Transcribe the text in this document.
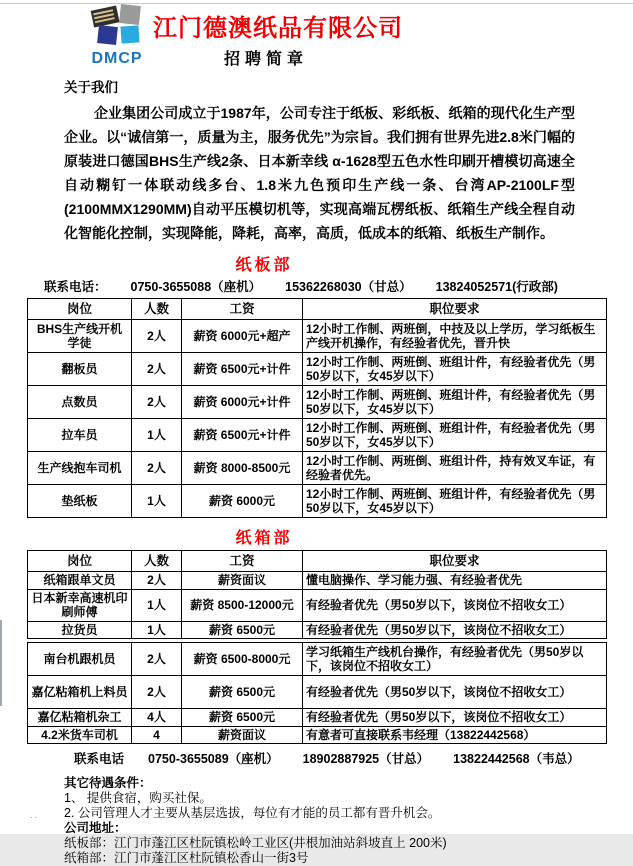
DMCP
江门德澳纸品有限公司
招聘简章
关于我们

企业集团公司成立于1987年，公司专注于纸板、彩纸板、纸箱的现代化生产型企业。以“诚信第一，质量为主，服务优先”为宗旨。我们拥有世界先进2.8米门幅的原装进口德国BHS生产线2条、日本新幸线 α-1628型五色水性印刷开槽模切高速全自动糊钉一体联动线多台、1.8米九色预印生产线一条、台湾AP-2100LF型(2100MMX1290MM)自动平压模切机等，实现高端瓦楞纸板、纸箱生产线全程自动化智能化控制，实现降能，降耗，高率，高质，低成本的纸箱、纸板生产制作。

纸板部
联系电话： 0750-3655088（座机） 15362268030（甘总） 13824052571(行政部)
岗位	人数	工资	职位要求
BHS生产线开机学徒	2人	薪资 6000元+超产	12小时工作制、两班倒，中技及以上学历，学习纸板生产线开机操作，有经验者优先，晋升快
翻板员	2人	薪资 6500元+计件	12小时工作制、两班倒、班组计件，有经验者优先（男50岁以下，女45岁以下）
点数员	2人	薪资 6000元+计件	12小时工作制、两班倒、班组计件，有经验者优先（男50岁以下，女45岁以下）
拉车员	1人	薪资 6500元+计件	12小时工作制、两班倒、班组计件，有经验者优先（男50岁以下，女45岁以下）
生产线抱车司机	2人	薪资 8000-8500元	12小时工作制、两班倒、班组计件，持有效叉车证，有经验者优先。
垫纸板	1人	薪资 6000元	12小时工作制、两班倒、班组计件，有经验者优先（男50岁以下，女45岁以下）
纸箱部
岗位	人数	工资	职位要求
纸箱跟单文员	2人	薪资面议	懂电脑操作、学习能力强、有经验者优先
日本新幸高速机印刷师傅	1人	薪资 8500-12000元	有经验者优先（男50岁以下，该岗位不招收女工）
拉货员	1人	薪资 6500元	有经验者优先（男50岁以下，该岗位不招收女工）
南台机跟机员	2人	薪资 6500-8000元	学习纸箱生产线机台操作，有经验者优先（男50岁以下，该岗位不招收女工）
嘉亿粘箱机上料员	2人	薪资 6500元	有经验者优先（男50岁以下，该岗位不招收女工）
嘉亿粘箱机杂工	4人	薪资 6500元	有经验者优先（男50岁以下，该岗位不招收女工）
4.2米货车司机	4	薪资面议	有意者可直接联系韦经理（13822442568）
联系电话 0750-3655089（座机） 18902887925（甘总） 13822442568（韦总）
其它待遇条件：
1、 提供食宿，购买社保。
2. 公司管理人才主要从基层选拔，每位有才能的员工都有晋升机会。
公司地址：
纸板部：江门市蓬江区杜阮镇松岭工业区(井根加油站斜坡直上 200米)
纸箱部：江门市蓬江区杜阮镇松香山一街3号
··
